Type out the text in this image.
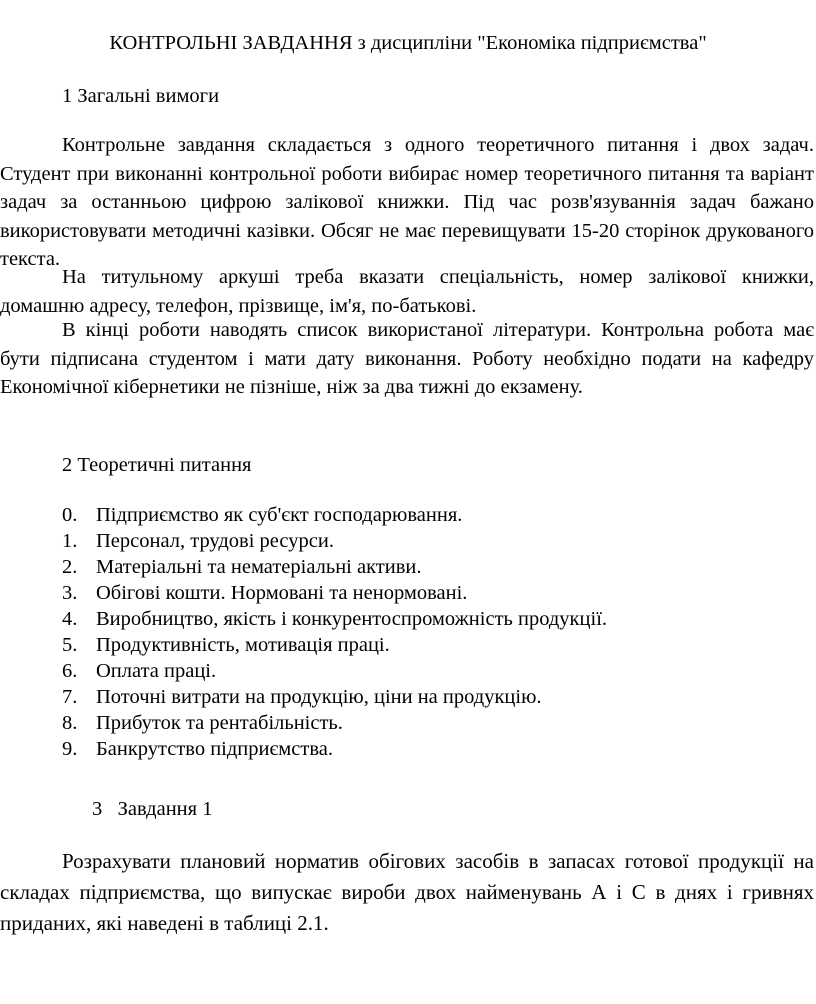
КОНТРОЛЬНІ ЗАВДАННЯ з дисципліни "Економіка підприємства"
1 Загальні вимоги

Контрольне завдання складається з одного теоретичного питання і двох задач. Студент при виконанні контрольної роботи вибирає номер теоретичного питання та варіант задач за останньою цифрою залікової книжки. Під час розв'язуваннія задач бажано використовувати методичні казівки. Обсяг не має перевищувати 15-20 сторінок друкованого текста.

На титульному аркуші треба вказати спеціальність, номер залікової книжки, домашню адресу, телефон, прізвище, ім'я, по-батькові.

В кінці роботи наводять список використаної літератури. Контрольна робота має бути підписана студентом і мати дату виконання. Роботу необхідно подати на кафедру Економічної кібернетики не пізніше, ніж за два тижні до екзамену.

2 Теоретичні питання
0. Підприємство як суб'єкт господарювання.
1. Персонал, трудові ресурси.
2. Матеріальні та нематеріальні активи.
3. Обігові кошти. Нормовані та ненормовані.
4. Виробництво, якість і конкурентоспроможність продукції.
5. Продуктивність, мотивація праці.
6. Оплата праці.
7. Поточні витрати на продукцію, ціни на продукцію.
8. Прибуток та рентабільність.
9. Банкрутство підприємства.
3   Завдання 1

Розрахувати плановий норматив обігових засобів в запасах готової продукції на складах підприємства, що випускає вироби двох найменувань А і С в днях і гривнях приданих, які наведені в таблиці 2.1.
